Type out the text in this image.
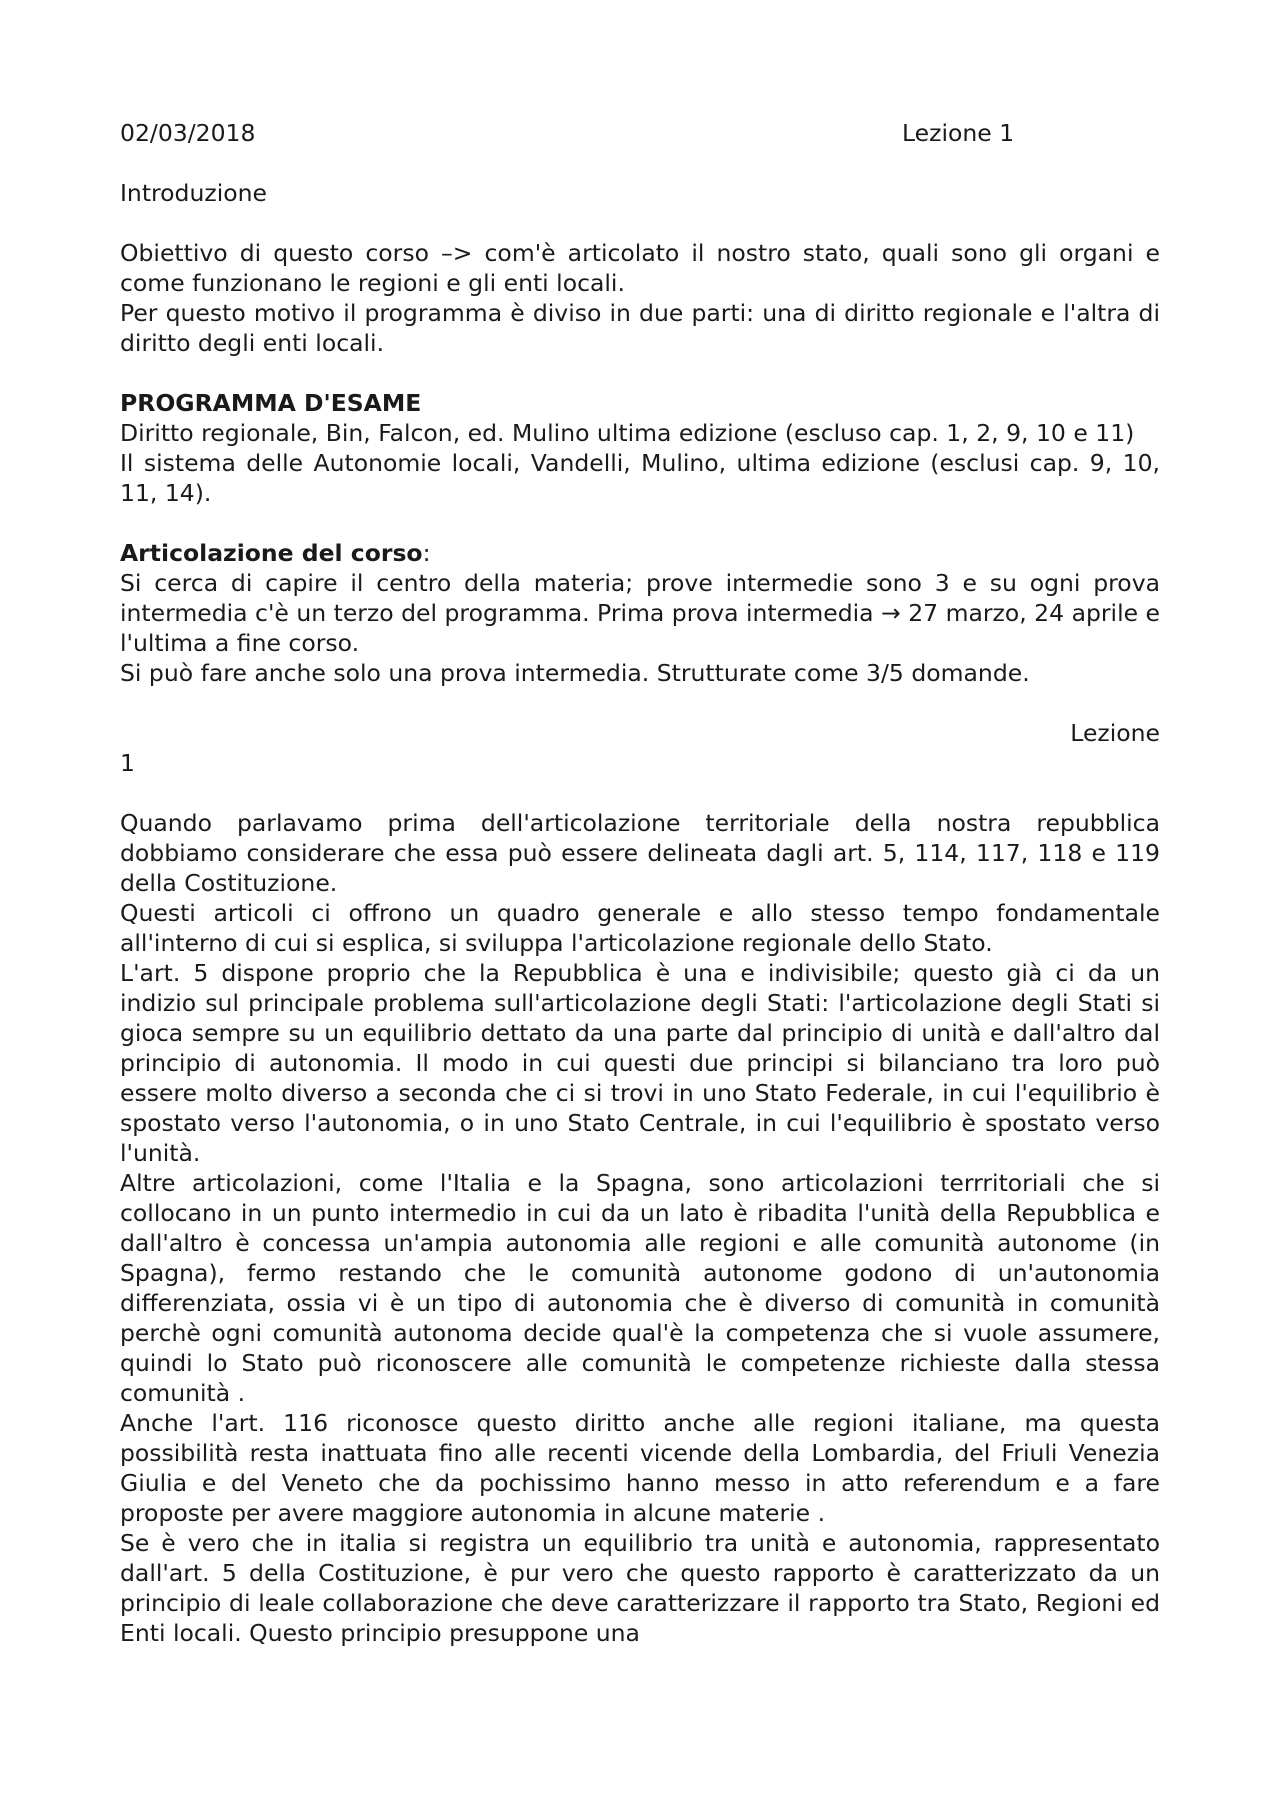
02/03/2018	Lezione 1

Introduzione

Obiettivo di questo corso –> com'è articolato il nostro stato, quali sono gli organi e come funzionano le regioni e gli enti locali.

Per questo motivo il programma è diviso in due parti: una di diritto regionale e l'altra di diritto degli enti locali.

PROGRAMMA D'ESAME

Diritto regionale, Bin, Falcon, ed. Mulino ultima edizione (escluso cap. 1, 2, 9, 10 e 11)

Il sistema delle Autonomie locali, Vandelli, Mulino, ultima edizione (esclusi cap. 9, 10, 11, 14).

Articolazione del corso:

Si cerca di capire il centro della materia; prove intermedie sono 3 e su ogni prova intermedia c'è un terzo del programma. Prima prova intermedia → 27 marzo, 24 aprile e l'ultima a fine corso.

Si può fare anche solo una prova intermedia. Strutturate come 3/5 domande.

Lezione

1

Quando parlavamo prima dell'articolazione territoriale della nostra repubblica dobbiamo considerare che essa può essere delineata dagli art. 5, 114, 117, 118 e 119 della Costituzione.

Questi articoli ci offrono un quadro generale e allo stesso tempo fondamentale all'interno di cui si esplica, si sviluppa l'articolazione regionale dello Stato.

L'art. 5 dispone proprio che la Repubblica è una e indivisibile; questo già ci da un indizio sul principale problema sull'articolazione degli Stati: l'articolazione degli Stati si gioca sempre su un equilibrio dettato da una parte dal principio di unità e dall'altro dal principio di autonomia. Il modo in cui questi due principi si bilanciano tra loro può essere molto diverso a seconda che ci si trovi in uno Stato Federale, in cui l'equilibrio è spostato verso l'autonomia, o in uno Stato Centrale, in cui l'equilibrio è spostato verso l'unità.

Altre articolazioni, come l'Italia e la Spagna, sono articolazioni terrritoriali che si collocano in un punto intermedio in cui da un lato è ribadita l'unità della Repubblica e dall'altro è concessa un'ampia autonomia alle regioni e alle comunità autonome (in Spagna), fermo restando che le comunità autonome godono di un'autonomia differenziata, ossia vi è un tipo di autonomia che è diverso di comunità in comunità perchè ogni comunità autonoma decide qual'è la competenza che si vuole assumere, quindi lo Stato può riconoscere alle comunità le competenze richieste dalla stessa comunità .

Anche l'art. 116 riconosce questo diritto anche alle regioni italiane, ma questa possibilità resta inattuata fino alle recenti vicende della Lombardia, del Friuli Venezia Giulia e del Veneto che da pochissimo hanno messo in atto referendum e a fare proposte per avere maggiore autonomia in alcune materie .

Se è vero che in italia si registra un equilibrio tra unità e autonomia, rappresentato dall'art. 5 della Costituzione, è pur vero che questo rapporto è caratterizzato da un principio di leale collaborazione che deve caratterizzare il rapporto tra Stato, Regioni ed Enti locali. Questo principio presuppone una
